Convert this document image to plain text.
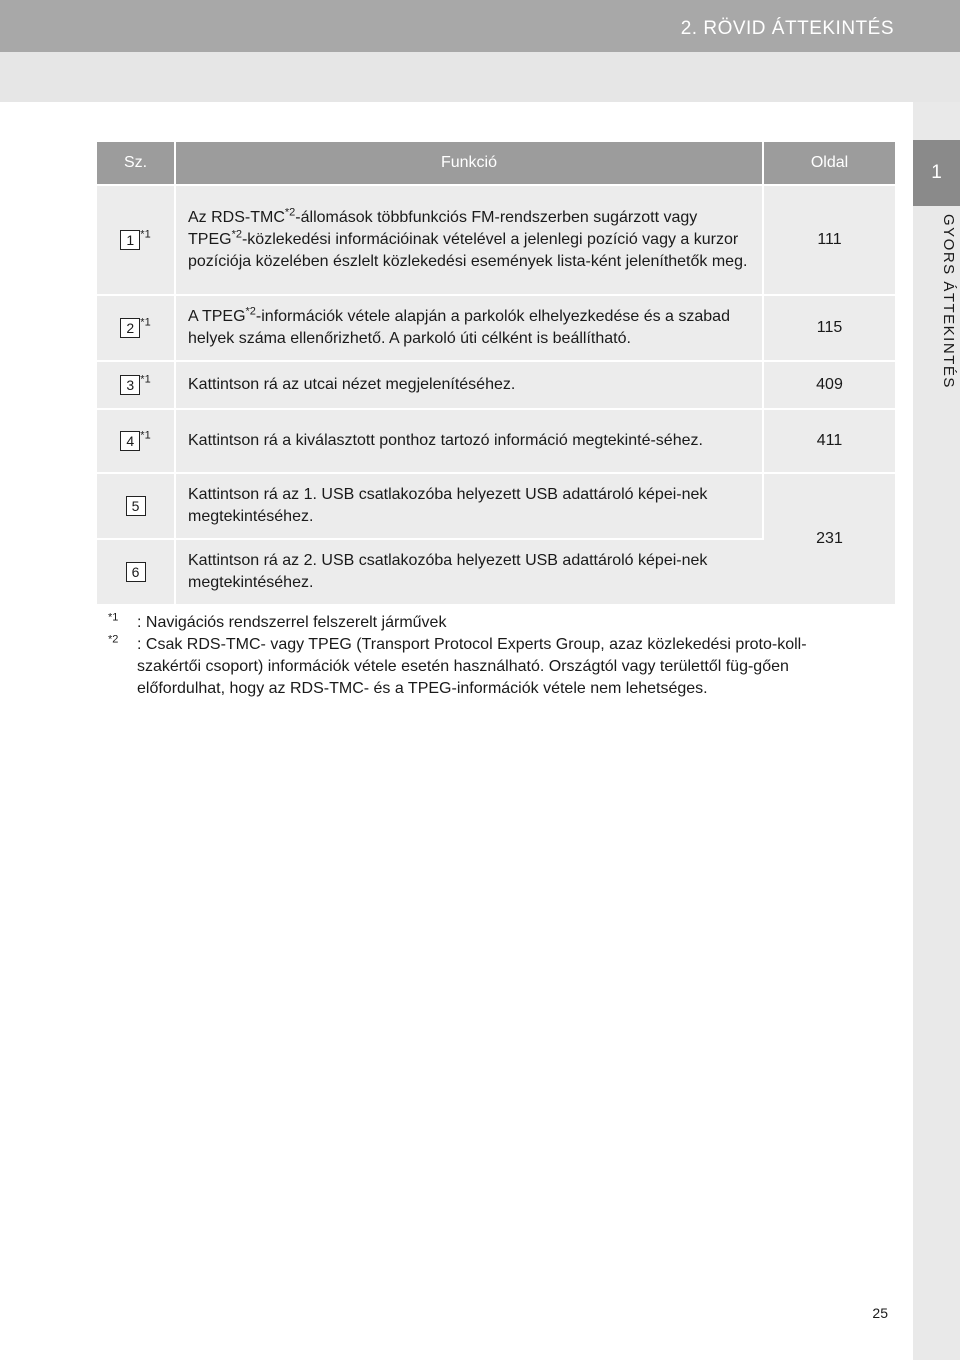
2. RÖVID ÁTTEKINTÉS
1
GYORS ÁTTEKINTÉS
Sz.	Funkció	Oldal
1 $^{*1}$	Az RDS-TMC$^{*2}$-állomások többfunkciós FM-rendszerben sugárzott vagy TPEG$^{*2}$-közlekedési információinak vételével a jelenlegi pozíció vagy a kurzor pozíciója közelében észlelt közlekedési események lista-ként jeleníthetők meg.	111
2 $^{*1}$	A TPEG$^{*2}$-információk vétele alapján a parkolók elhelyezkedése és a szabad helyek száma ellenőrizhető. A parkoló úti célként is beállítható.	115
3 $^{*1}$	Kattintson rá az utcai nézet megjelenítéséhez.	409
4 $^{*1}$	Kattintson rá a kiválasztott ponthoz tartozó információ megtekinté-séhez.	411
5	Kattintson rá az 1. USB csatlakozóba helyezett USB adattároló képei-nek megtekintéséhez.	231
6	Kattintson rá az 2. USB csatlakozóba helyezett USB adattároló képei-nek megtekintéséhez.	
$^{*1}$ : Navigációs rendszerrel felszerelt járművek
$^{*2}$ : Csak RDS-TMC- vagy TPEG (Transport Protocol Experts Group, azaz közlekedési proto-koll-szakértői csoport) információk vétele esetén használható. Országtól vagy területtől füg-gően előfordulhat, hogy az RDS-TMC- és a TPEG-információk vétele nem lehetséges.
25
